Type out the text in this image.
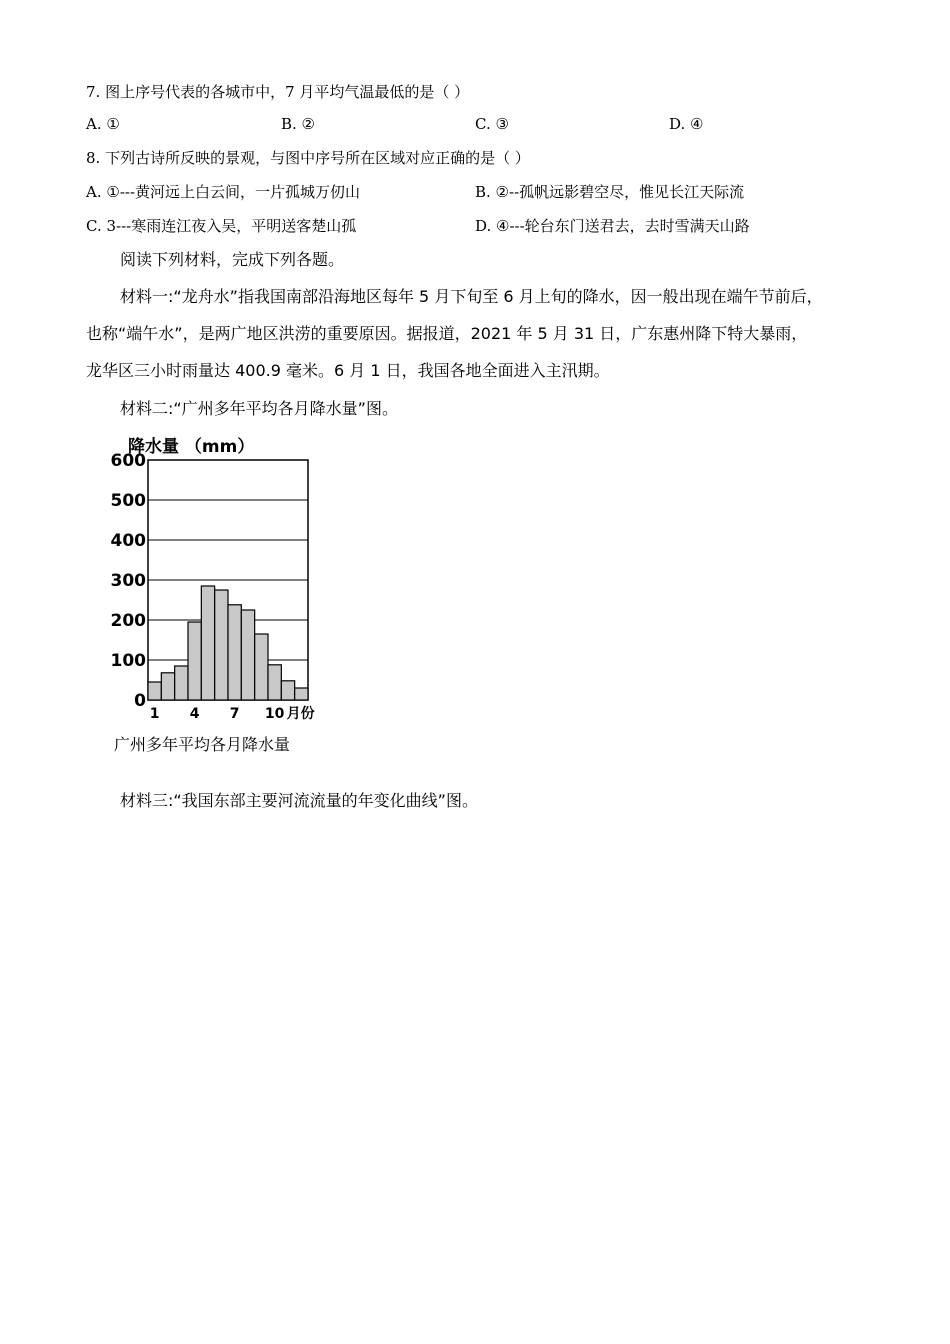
7. 图上序号代表的各城市中，7 月平均气温最低的是（ ）
A. ①	B. ②	C. ③	D. ④
8. 下列古诗所反映的景观，与图中序号所在区域对应正确的是（ ）
A. ①---黄河远上白云间，一片孤城万仞山	B. ②--孤帆远影碧空尽，惟见长江天际流
C. 3---寒雨连江夜入吴，平明送客楚山孤	D. ④---轮台东门送君去，去时雪满天山路
阅读下列材料，完成下列各题。
材料一:“龙舟水”指我国南部沿海地区每年 5 月下旬至 6 月上旬的降水，因一般出现在端午节前后，
也称“端午水”，是两广地区洪涝的重要原因。据报道，2021 年 5 月 31 日，广东惠州降下特大暴雨，
龙华区三小时雨量达 400.9 毫米。6 月 1 日，我国各地全面进入主汛期。
材料二:“广州多年平均各月降水量”图。
材料三:“我国东部主要河流流量的年变化曲线”图。
降水量 （mm）
0
100
200
300
400
500
600
1 4 7 10 月份
广州多年平均各月降水量
